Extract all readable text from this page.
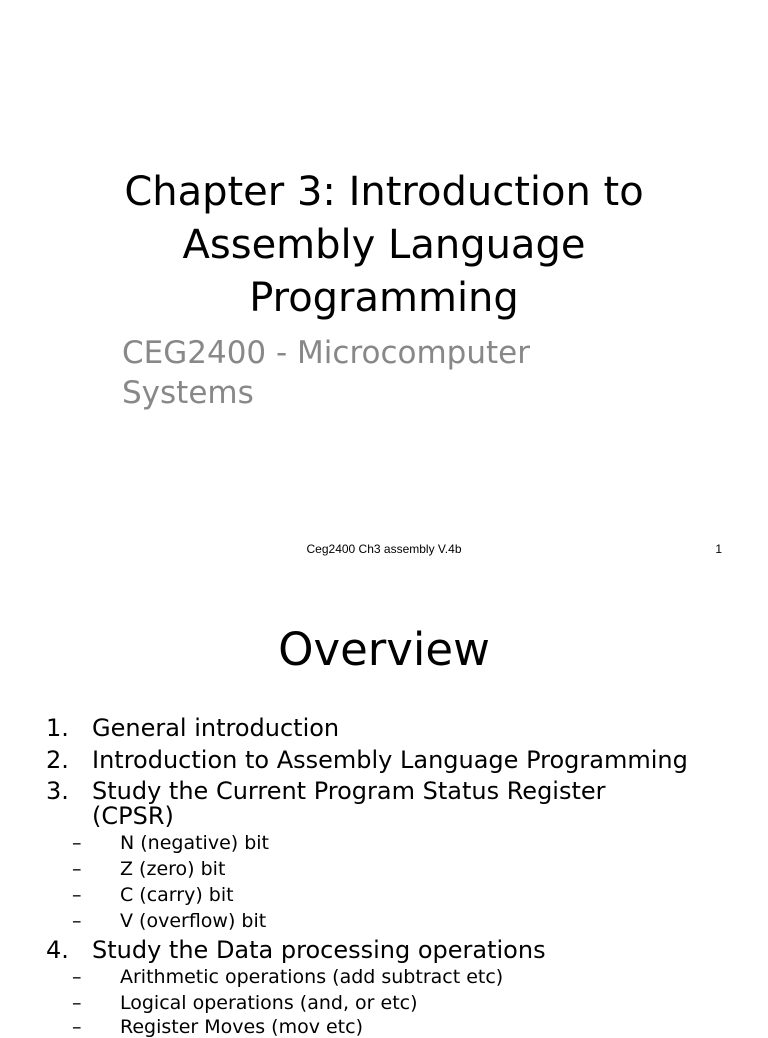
Chapter 3: Introduction to
Assembly Language
Programming
CEG2400 - Microcomputer
Systems
Ceg2400 Ch3 assembly V.4b	1
Overview
1. General introduction
2. Introduction to Assembly Language Programming
3. Study the Current Program Status Register
(CPSR)
– N (negative) bit
– Z (zero) bit
– C (carry) bit
– V (overflow) bit
4. Study the Data processing operations
– Arithmetic operations (add subtract etc)
– Logical operations (and, or etc)
– Register Moves (mov etc)
